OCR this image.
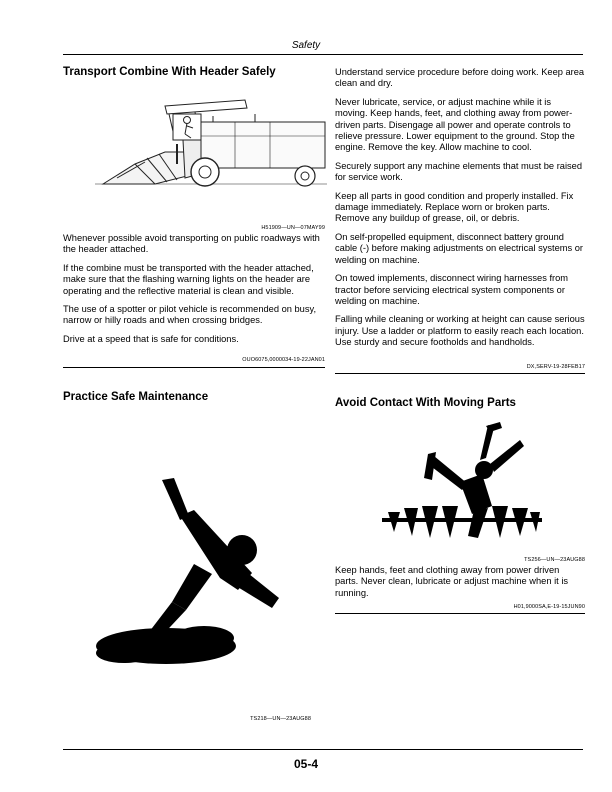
Safety
Transport Combine With Header Safely
H51909—UN—07MAY99

Whenever possible avoid transporting on public roadways with the header attached.

If the combine must be transported with the header attached, make sure that the flashing warning lights on the header are operating and the reflective material is clean and visible.

The use of a spotter or pilot vehicle is recommended on busy, narrow or hilly roads and when crossing bridges.

Drive at a speed that is safe for conditions.

OUO6075,0000034-19-22JAN01
Practice Safe Maintenance
TS218—UN—23AUG88

Understand service procedure before doing work. Keep area clean and dry.

Never lubricate, service, or adjust machine while it is moving. Keep hands, feet, and clothing away from power-driven parts. Disengage all power and operate controls to relieve pressure. Lower equipment to the ground. Stop the engine. Remove the key. Allow machine to cool.

Securely support any machine elements that must be raised for service work.

Keep all parts in good condition and properly installed. Fix damage immediately. Replace worn or broken parts. Remove any buildup of grease, oil, or debris.

On self-propelled equipment, disconnect battery ground cable (-) before making adjustments on electrical systems or welding on machine.

On towed implements, disconnect wiring harnesses from tractor before servicing electrical system components or welding on machine.

Falling while cleaning or working at height can cause serious injury. Use a ladder or platform to easily reach each location. Use sturdy and secure footholds and handholds.

DX,SERV-19-28FEB17
Avoid Contact With Moving Parts
TS256—UN—23AUG88
Keep hands, feet and clothing away from power driven parts. Never clean, lubricate or adjust machine when it is running.
H01,9000SA,E-19-15JUN90
05-4
